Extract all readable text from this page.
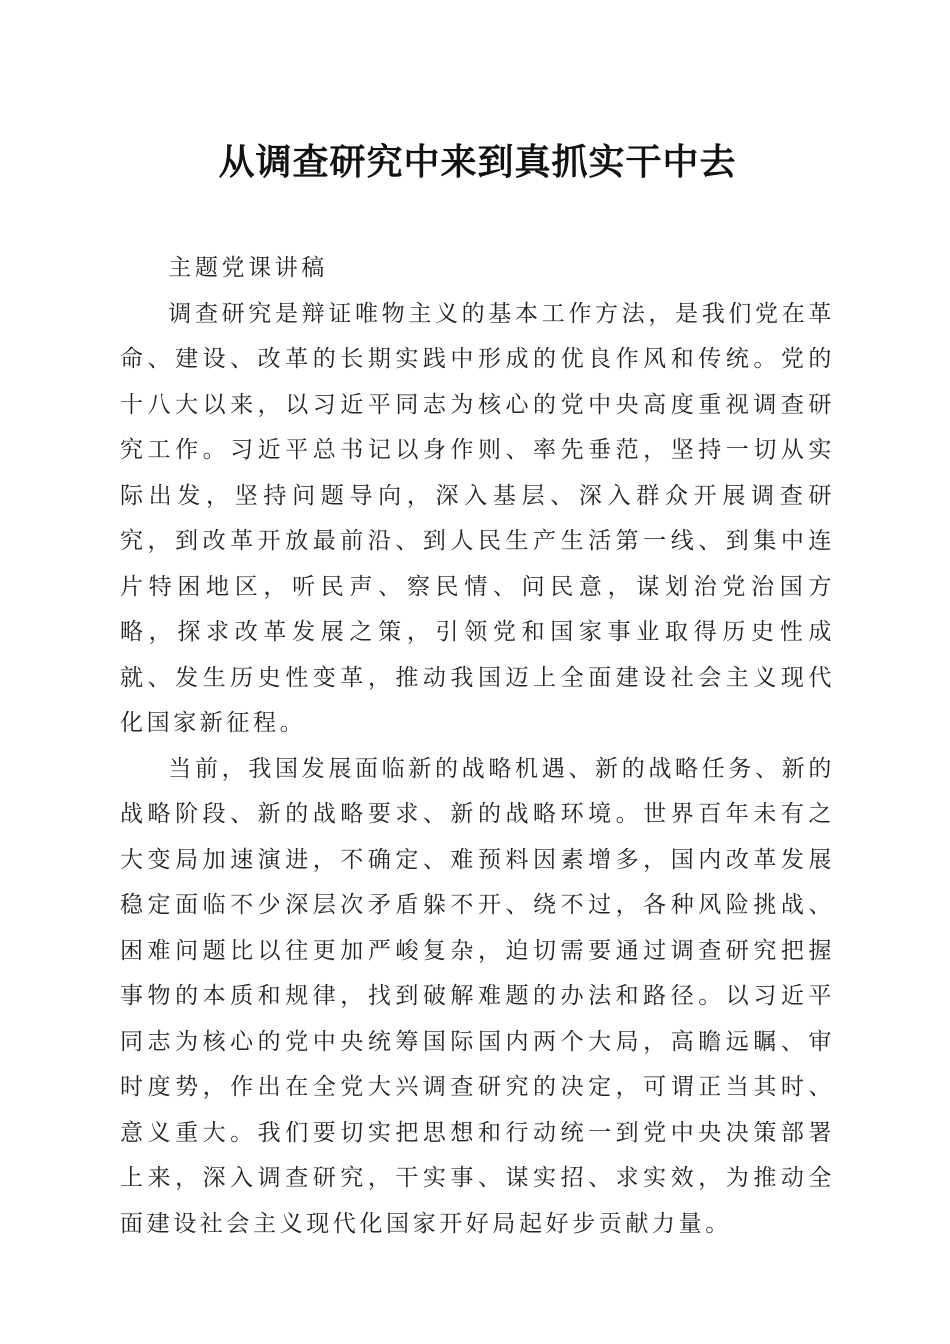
从调查研究中来到真抓实干中去

主题党课讲稿

调查研究是辩证唯物主义的基本工作方法，是我们党在革命、建设、改革的长期实践中形成的优良作风和传统。党的十八大以来，以习近平同志为核心的党中央高度重视调查研究工作。习近平总书记以身作则、率先垂范，坚持一切从实际出发，坚持问题导向，深入基层、深入群众开展调查研究，到改革开放最前沿、到人民生产生活第一线、到集中连片特困地区，听民声、察民情、问民意，谋划治党治国方略，探求改革发展之策，引领党和国家事业取得历史性成就、发生历史性变革，推动我国迈上全面建设社会主义现代化国家新征程。

当前，我国发展面临新的战略机遇、新的战略任务、新的战略阶段、新的战略要求、新的战略环境。世界百年未有之大变局加速演进，不确定、难预料因素增多，国内改革发展稳定面临不少深层次矛盾躲不开、绕不过，各种风险挑战、困难问题比以往更加严峻复杂，迫切需要通过调查研究把握事物的本质和规律，找到破解难题的办法和路径。以习近平同志为核心的党中央统筹国际国内两个大局，高瞻远瞩、审时度势，作出在全党大兴调查研究的决定，可谓正当其时、意义重大。我们要切实把思想和行动统一到党中央决策部署上来，深入调查研究，干实事、谋实招、求实效，为推动全面建设社会主义现代化国家开好局起好步贡献力量。
